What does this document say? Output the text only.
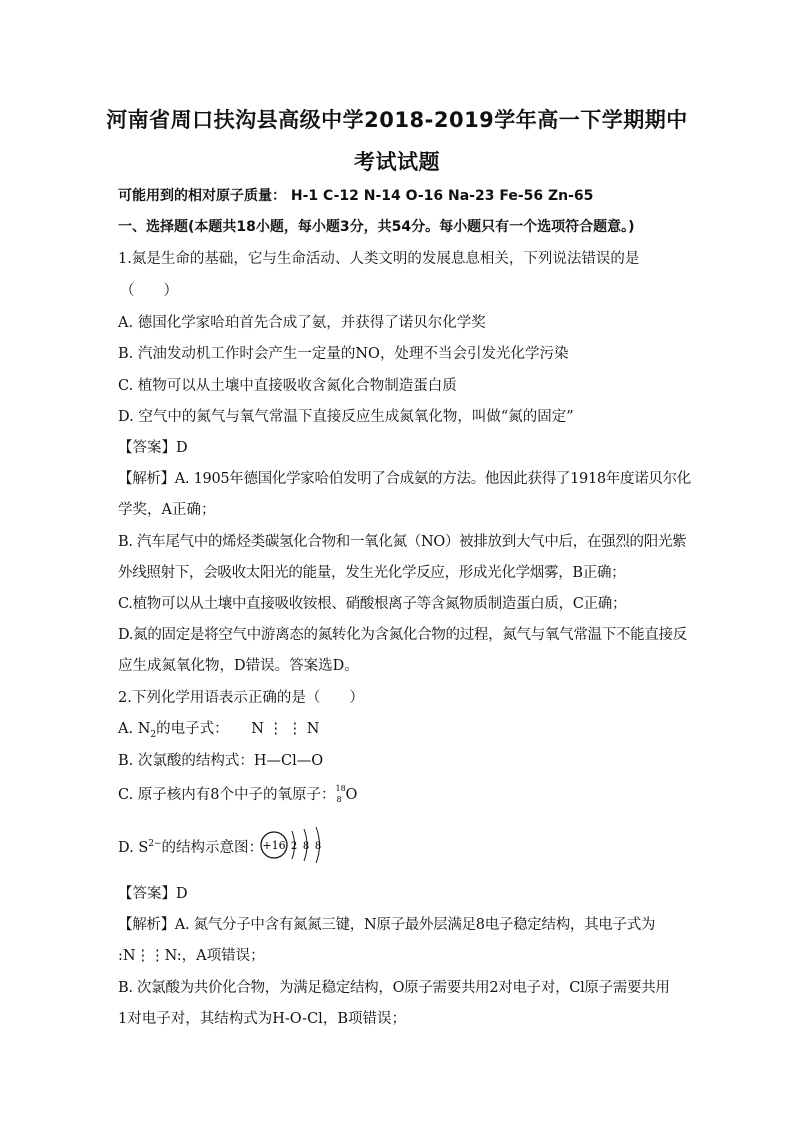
河南省周口扶沟县高级中学2018-2019学年高一下学期期中
考试试题
可能用到的相对原子质量： H-1 C-12 N-14 O-16 Na-23 Fe-56 Zn-65
一、选择题(本题共18小题，每小题3分，共54分。每小题只有一个选项符合题意。)
1.氮是生命的基础，它与生命活动、人类文明的发展息息相关，下列说法错误的是
（　　）
A. 德国化学家哈珀首先合成了氨，并获得了诺贝尔化学奖
B. 汽油发动机工作时会产生一定量的NO，处理不当会引发光化学污染
C. 植物可以从土壤中直接吸收含氮化合物制造蛋白质
D. 空气中的氮气与氧气常温下直接反应生成氮氧化物，叫做“氮的固定”
【答案】D
【解析】A. 1905年德国化学家哈伯发明了合成氨的方法。他因此获得了1918年度诺贝尔化
学奖，A正确；
B. 汽车尾气中的烯烃类碳氢化合物和一氧化氮（NO）被排放到大气中后，在强烈的阳光紫
外线照射下，会吸收太阳光的能量，发生光化学反应，形成光化学烟雾，B正确；
C.植物可以从土壤中直接吸收铵根、硝酸根离子等含氮物质制造蛋白质，C正确；
D.氮的固定是将空气中游离态的氮转化为含氮化合物的过程，氮气与氧气常温下不能直接反
应生成氮氧化物，D错误。答案选D。
2.下列化学用语表示正确的是（　　）
A. $N_2$的电子式： N ⋮ ⋮ N
B. 次氯酸的结构式：H—Cl—O
C. 原子核内有8个中子的氧原子： 18
8 O
D. $S^{2-}$的结构示意图： +16 2 8 8
【答案】D
【解析】A. 氮气分子中含有氮氮三键，N原子最外层满足8电子稳定结构，其电子式为
:N⋮⋮N:，A项错误；
B. 次氯酸为共价化合物，为满足稳定结构，O原子需要共用2对电子对，Cl原子需要共用
1对电子对，其结构式为H-O-Cl，B项错误；
